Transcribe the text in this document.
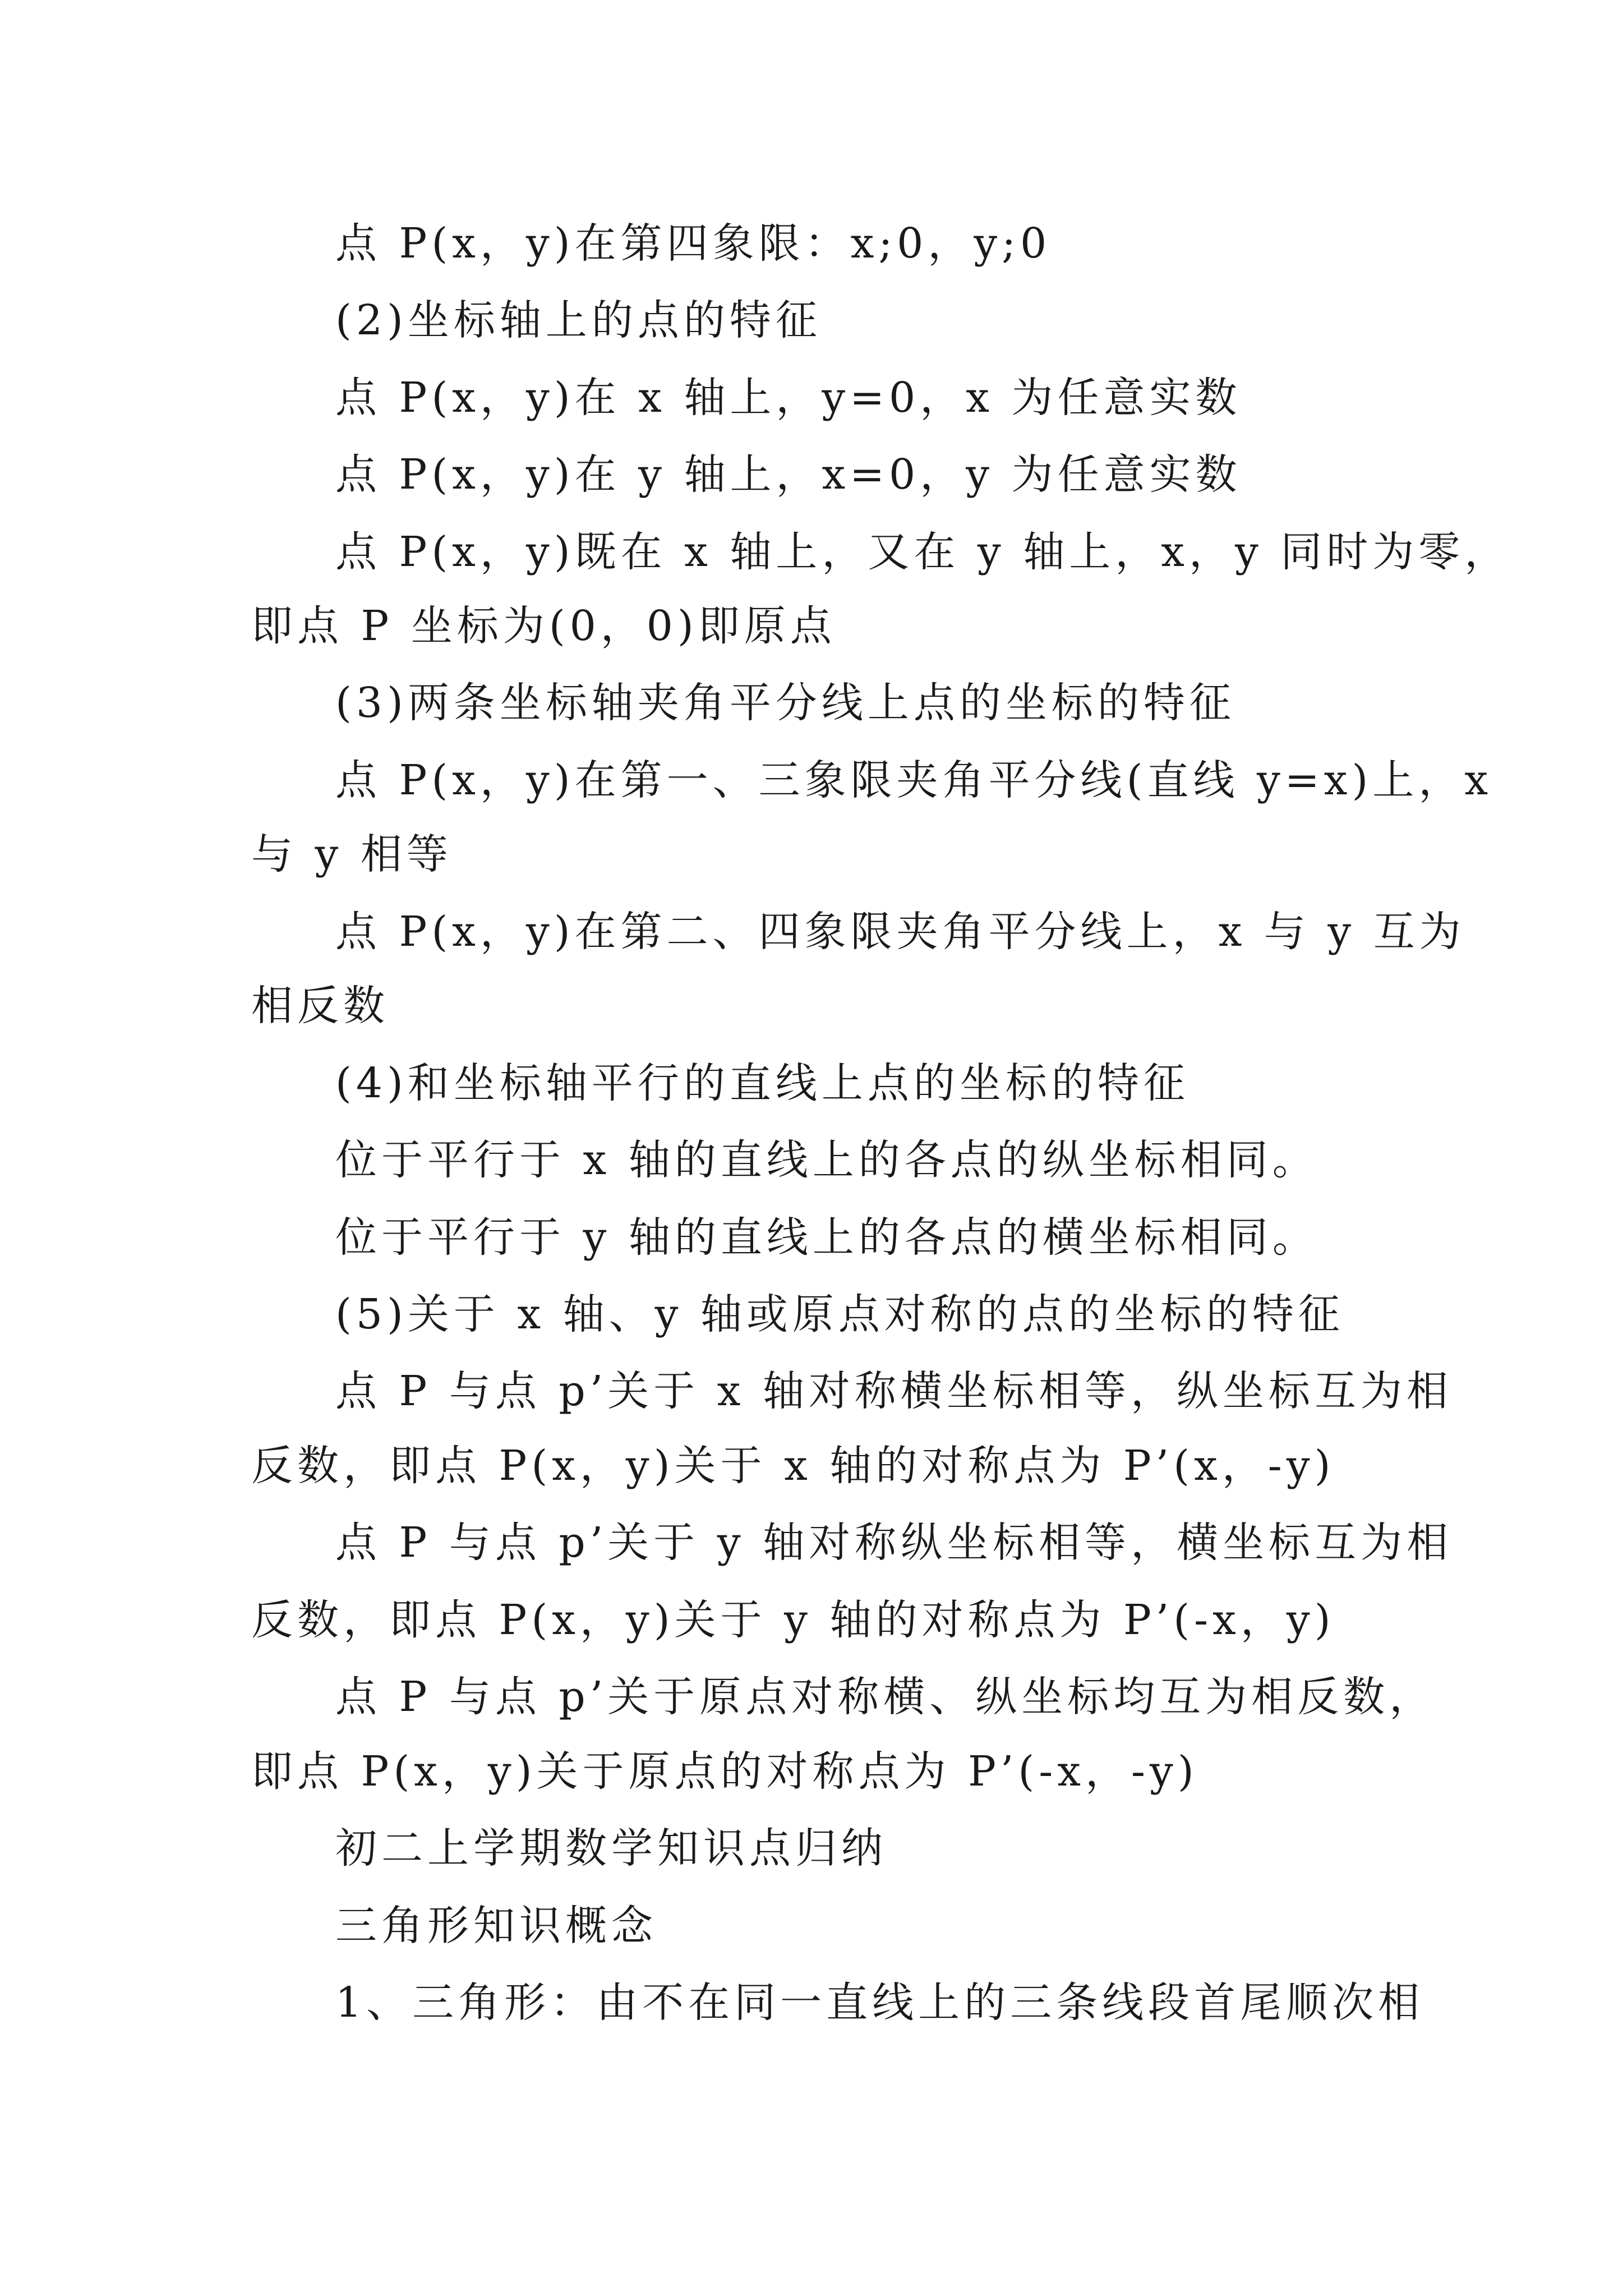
点 P(x，y)在第四象限：x;0，y;0
(2)坐标轴上的点的特征
点 P(x，y)在 x 轴上，y=0，x 为任意实数
点 P(x，y)在 y 轴上，x=0，y 为任意实数
点 P(x，y)既在 x 轴上，又在 y 轴上，x，y 同时为零，
即点 P 坐标为(0，0)即原点
(3)两条坐标轴夹角平分线上点的坐标的特征
点 P(x，y)在第一、三象限夹角平分线(直线 y=x)上，x
与 y 相等
点 P(x，y)在第二、四象限夹角平分线上，x 与 y 互为
相反数
(4)和坐标轴平行的直线上点的坐标的特征
位于平行于 x 轴的直线上的各点的纵坐标相同。
位于平行于 y 轴的直线上的各点的横坐标相同。
(5)关于 x 轴、y 轴或原点对称的点的坐标的特征
点 P 与点 p’关于 x 轴对称横坐标相等，纵坐标互为相
反数，即点 P(x，y)关于 x 轴的对称点为 P’(x，-y)
点 P 与点 p’关于 y 轴对称纵坐标相等，横坐标互为相
反数，即点 P(x，y)关于 y 轴的对称点为 P’(-x，y)
点 P 与点 p’关于原点对称横、纵坐标均互为相反数，
即点 P(x，y)关于原点的对称点为 P’(-x，-y)
初二上学期数学知识点归纳
三角形知识概念
1、三角形：由不在同一直线上的三条线段首尾顺次相
